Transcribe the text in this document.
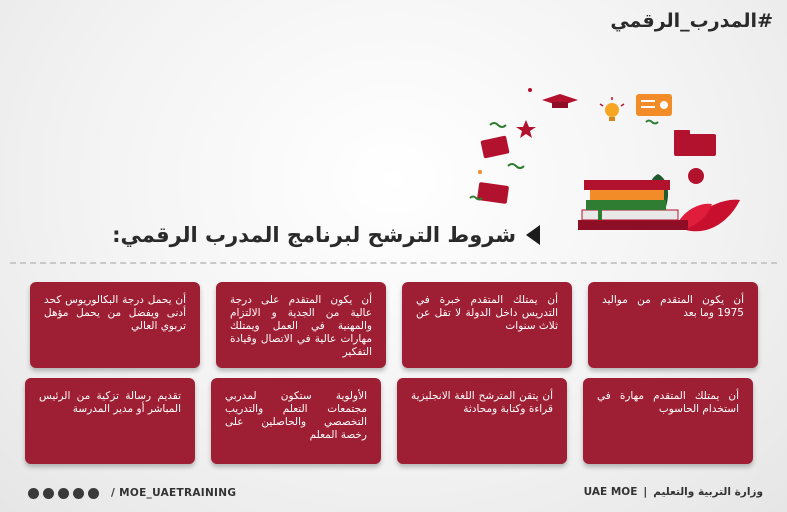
#المدرب_الرقمي
شروط الترشح لبرنامج المدرب الرقمي:
أن يكون المتقدم من مواليد 1975 وما بعد
أن يمتلك المتقدم خبرة في التدريس داخل الدولة لا تقل عن ثلاث سنوات
أن يكون المتقدم على درجة عالية من الجدية و الالتزام والمهنية في العمل ويمتلك مهارات عالية في الاتصال وقيادة التفكير
أن يحمل درجة البكالوريوس كحد أدنى ويفضل من يحمل مؤهل تربوي العالي
أن يمتلك المتقدم مهارة في استخدام الحاسوب
أن يتقن المترشح اللغة الانجليزية قراءة وكتابة ومحادثة
الأولوية ستكون لمدربي مجتمعات التعلم والتدريب التخصصي والحاصلين على رخصة المعلم
تقديم رسالة تزكية من الرئيس المباشر أو مدير المدرسة
/ MOE_UAETRAINING	UAE MOE | وزارة التربية والتعليم
